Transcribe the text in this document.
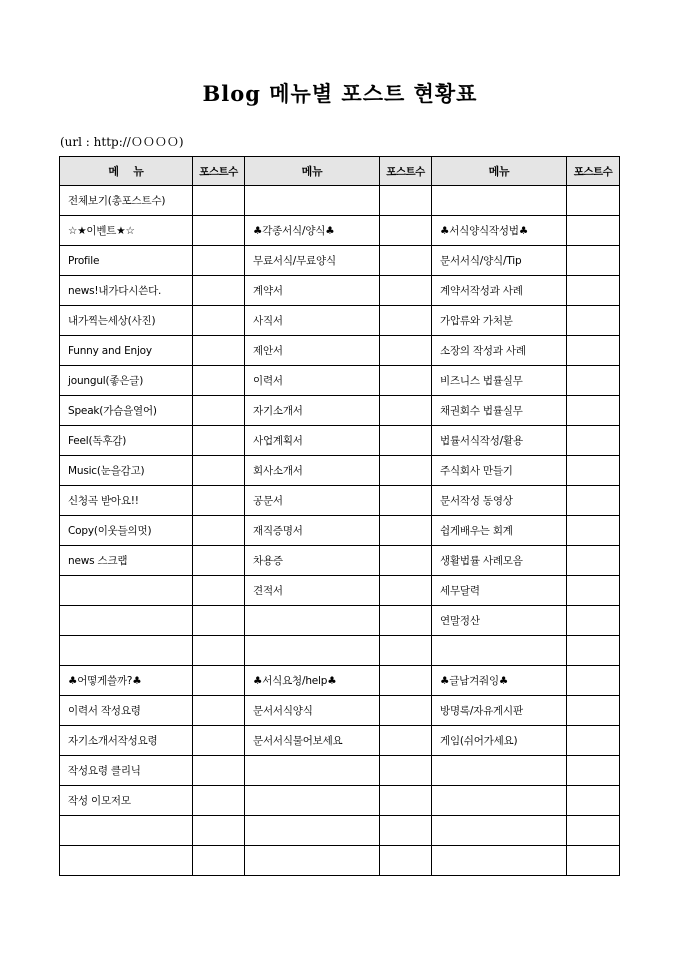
Blog 메뉴별 포스트 현황표
(url : http://ＯＯＯＯ)
메    뉴	포스트수	메뉴	포스트수	메뉴	포스트수
전체보기(총포스트수)					
☆★이벤트★☆		♣각종서식/양식♣		♣서식양식작성법♣	
Profile		무료서식/무료양식		문서서식/양식/Tip	
news!내가다시쓴다.		계약서		계약서작성과 사례	
내가찍는세상(사진)		사직서		가압류와 가처분	
Funny and Enjoy		제안서		소장의 작성과 사례	
joungul(좋은글)		이력서		비즈니스 법률실무	
Speak(가슴을열어)		자기소개서		채권회수 법률실무	
Feel(독후감)		사업계획서		법률서식작성/활용	
Music(눈을감고)		회사소개서		주식회사 만들기	
신청곡 받아요!!		공문서		문서작성 동영상	
Copy(이웃들의멋)		재직증명서		쉽게배우는 회계	
news 스크랩		차용증		생활법률 사례모음	
		견적서		세무달력	
				연말정산	

♣어떻게쓸까?♣		♣서식요청/help♣		♣글남겨줘잉♣	
이력서 작성요령		문서서식양식		방명록/자유게시판	
자기소개서작성요령		문서서식물어보세요		게임(쉬어가세요)	
작성요령 클리닉					
작성 이모저모					
